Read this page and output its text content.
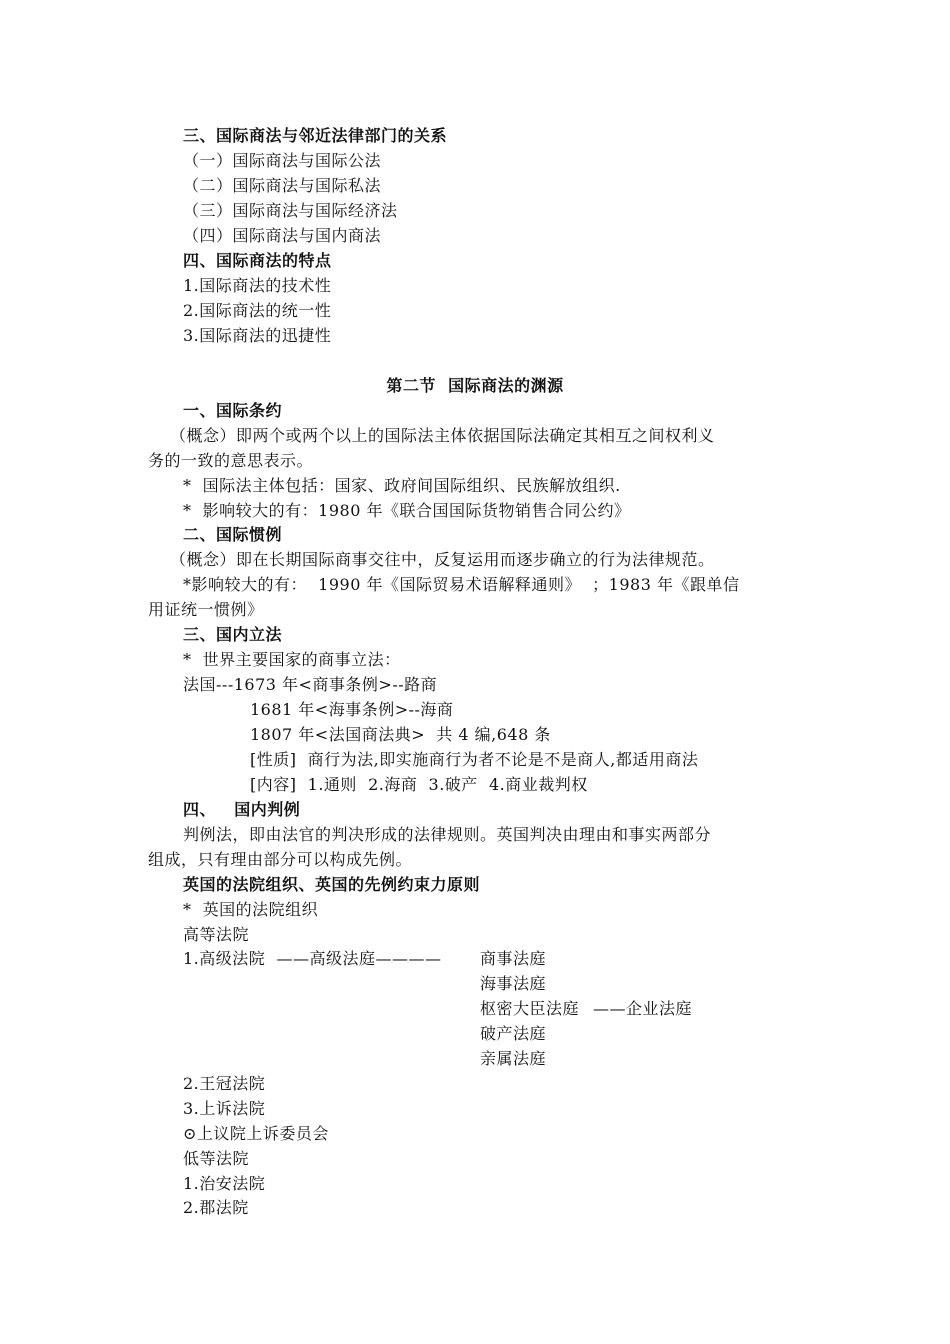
三、国际商法与邻近法律部门的关系
（一）国际商法与国际公法
（二）国际商法与国际私法
（三）国际商法与国际经济法
（四）国际商法与国内商法
四、国际商法的特点
1.国际商法的技术性
2.国际商法的统一性
3.国际商法的迅捷性
第二节  国际商法的渊源
一、国际条约
（概念）即两个或两个以上的国际法主体依据国际法确定其相互之间权利义
务的一致的意思表示。
*  国际法主体包括：国家、政府间国际组织、民族解放组织.
*  影响较大的有：1980 年《联合国国际货物销售合同公约》
二、国际惯例
（概念）即在长期国际商事交往中，反复运用而逐步确立的行为法律规范。
*影响较大的有：  1990 年《国际贸易术语解释通则》  ；1983 年《跟单信
用证统一惯例》
三、国内立法
*  世界主要国家的商事立法：
法国---1673 年<商事条例>--路商
1681 年<海事条例>--海商
1807 年<法国商法典>  共 4 编,648 条
[性质]  商行为法,即实施商行为者不论是不是商人,都适用商法
[内容]  1.通则  2.海商  3.破产  4.商业裁判权
四、   国内判例
判例法，即由法官的判决形成的法律规则。英国判决由理由和事实两部分
组成，只有理由部分可以构成先例。
英国的法院组织、英国的先例约束力原则
*  英国的法院组织
高等法院
1.高级法院  ——高级法庭———— 商事法庭
海事法庭
枢密大臣法庭 ——企业法庭
破产法庭
亲属法庭
2.王冠法院
3.上诉法院
⊙上议院上诉委员会
低等法院
1.治安法院
2.郡法院
